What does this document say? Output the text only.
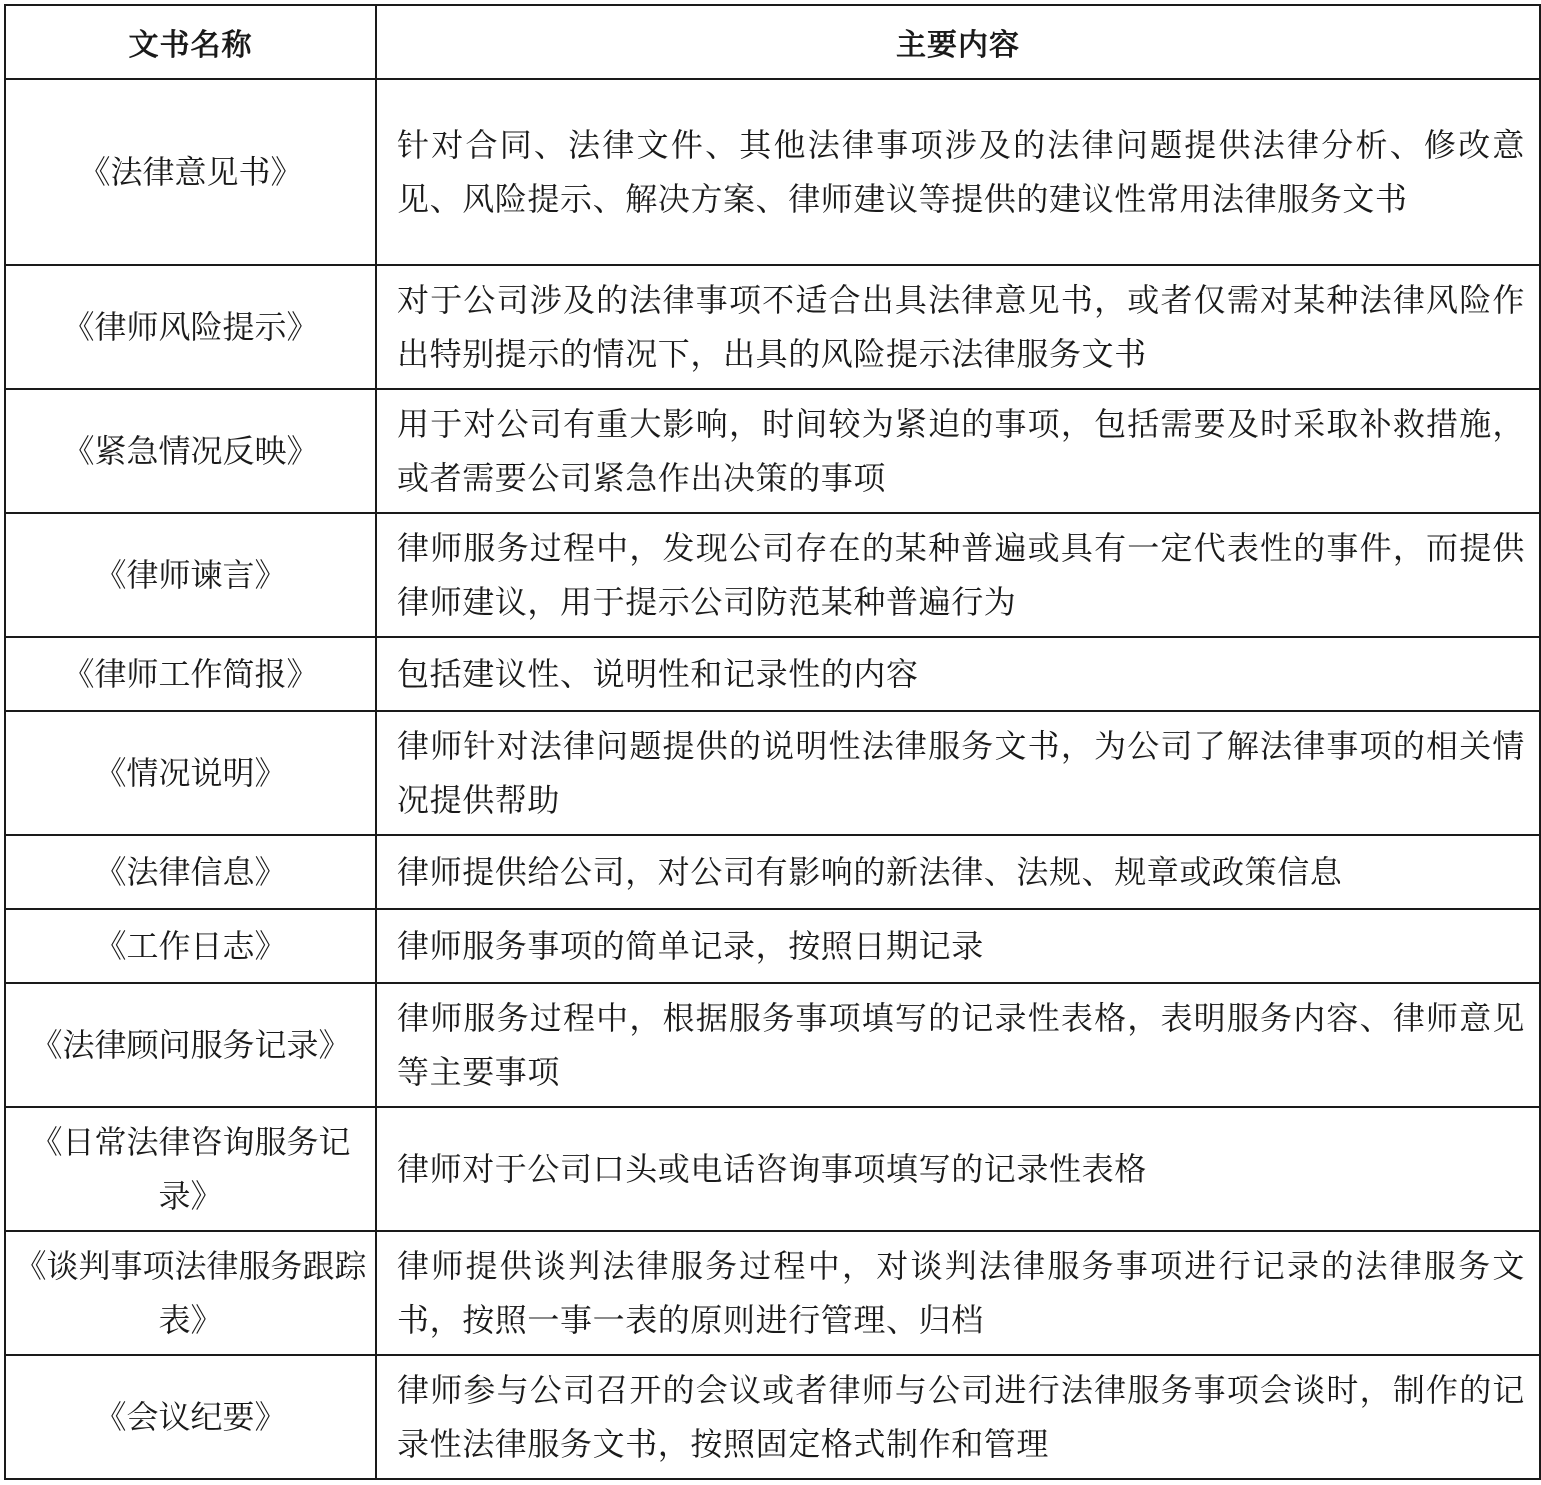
文书名称	主要内容
《法律意见书》	针对合同、法律文件、其他法律事项涉及的法律问题提供法律分析、修改意见、风险提示、解决方案、律师建议等提供的建议性常用法律服务文书
《律师风险提示》	对于公司涉及的法律事项不适合出具法律意见书，或者仅需对某种法律风险作出特别提示的情况下，出具的风险提示法律服务文书
《紧急情况反映》	用于对公司有重大影响，时间较为紧迫的事项，包括需要及时采取补救措施，或者需要公司紧急作出决策的事项
《律师谏言》	律师服务过程中，发现公司存在的某种普遍或具有一定代表性的事件，而提供律师建议，用于提示公司防范某种普遍行为
《律师工作简报》	包括建议性、说明性和记录性的内容
《情况说明》	律师针对法律问题提供的说明性法律服务文书，为公司了解法律事项的相关情况提供帮助
《法律信息》	律师提供给公司，对公司有影响的新法律、法规、规章或政策信息
《工作日志》	律师服务事项的简单记录，按照日期记录
《法律顾问服务记录》	律师服务过程中，根据服务事项填写的记录性表格，表明服务内容、律师意见等主要事项
《日常法律咨询服务记录》	律师对于公司口头或电话咨询事项填写的记录性表格
《谈判事项法律服务跟踪表》	律师提供谈判法律服务过程中，对谈判法律服务事项进行记录的法律服务文书，按照一事一表的原则进行管理、归档
《会议纪要》	律师参与公司召开的会议或者律师与公司进行法律服务事项会谈时，制作的记录性法律服务文书，按照固定格式制作和管理
